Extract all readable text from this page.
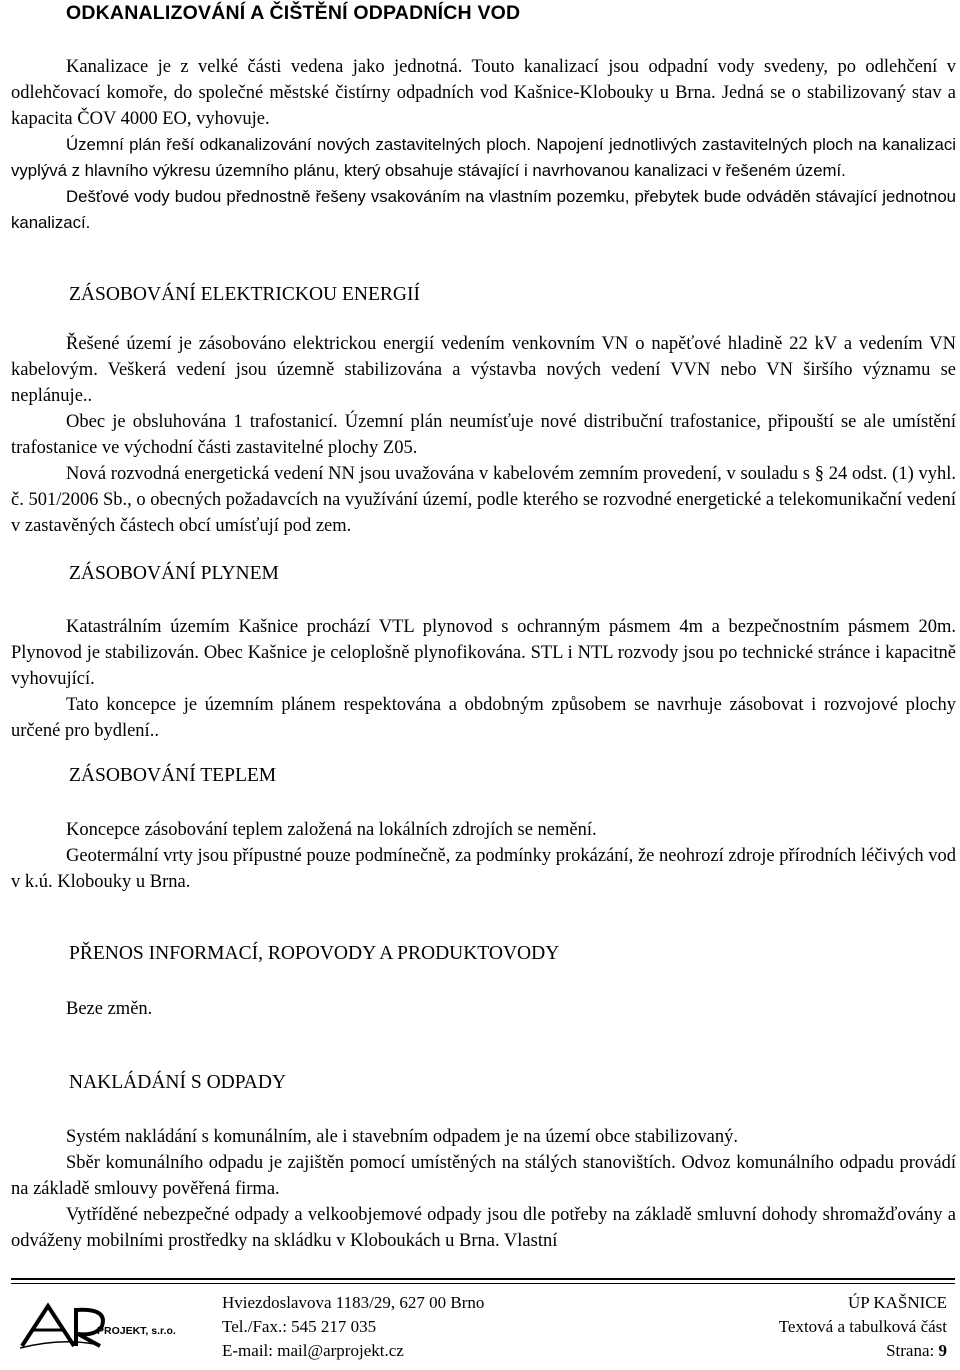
ODKANALIZOVÁNÍ A ČIŠTĚNÍ ODPADNÍCH VOD

Kanalizace je z velké části vedena jako jednotná. Touto kanalizací jsou odpadní vody svedeny, po odlehčení v odlehčovací komoře, do společné městské čistírny odpadních vod Kašnice-Klobouky u Brna. Jedná se o stabilizovaný stav a kapacita ČOV 4000 EO, vyhovuje.

Územní plán řeší odkanalizování nových zastavitelných ploch. Napojení jednotlivých zastavitelných ploch na kanalizaci vyplývá z hlavního výkresu územního plánu, který obsahuje stávající i navrhovanou kanalizaci v řešeném území.

Dešťové vody budou přednostně řešeny vsakováním na vlastním pozemku, přebytek bude odváděn stávající jednotnou kanalizací.

ZÁSOBOVÁNÍ ELEKTRICKOU ENERGIÍ

Řešené území je zásobováno elektrickou energií vedením venkovním VN o napěťové hladině 22 kV a vedením VN kabelovým. Veškerá vedení jsou územně stabilizována a výstavba nových vedení VVN nebo VN širšího významu se neplánuje..

Obec je obsluhována 1 trafostanicí. Územní plán neumísťuje nové distribuční trafostanice, připouští se ale umístění trafostanice ve východní části zastavitelné plochy Z05.

Nová rozvodná energetická vedení NN jsou uvažována v kabelovém zemním provedení, v souladu s § 24 odst. (1) vyhl. č. 501/2006 Sb., o obecných požadavcích na využívání území, podle kterého se rozvodné energetické a telekomunikační vedení v zastavěných částech obcí umísťují pod zem.

ZÁSOBOVÁNÍ PLYNEM

Katastrálním územím Kašnice prochází VTL plynovod s ochranným pásmem 4m a bezpečnostním pásmem 20m. Plynovod je stabilizován. Obec Kašnice je celoplošně plynofikována. STL i NTL rozvody jsou po technické stránce i kapacitně vyhovující.

Tato koncepce je územním plánem respektována a obdobným způsobem se navrhuje zásobovat i rozvojové plochy určené pro bydlení..

ZÁSOBOVÁNÍ TEPLEM

Koncepce zásobování teplem založená na lokálních zdrojích se nemění.

Geotermální vrty jsou přípustné pouze podmínečně, za podmínky prokázání, že neohrozí zdroje přírodních léčivých vod v k.ú. Klobouky u Brna.

PŘENOS INFORMACÍ, ROPOVODY A PRODUKTOVODY

Beze změn.

NAKLÁDÁNÍ S ODPADY

Systém nakládání s komunálním, ale i stavebním odpadem je na území obce stabilizovaný.

Sběr komunálního odpadu je zajištěn pomocí umístěných na stálých stanovištích. Odvoz komunálního odpadu provádí na základě smlouvy pověřená firma.

Vytříděné nebezpečné odpady a velkoobjemové odpady jsou dle potřeby na základě smluvní dohody shromažďovány a odváženy mobilními prostředky na skládku v Kloboukách u Brna. Vlastní

PROJEKT, s.r.o.
Hviezdoslavova 1183/29, 627 00 Brno
Tel./Fax.: 545 217 035
E-mail: mail@arprojekt.cz
ÚP KAŠNICE
Textová a tabulková část
Strana: 9
